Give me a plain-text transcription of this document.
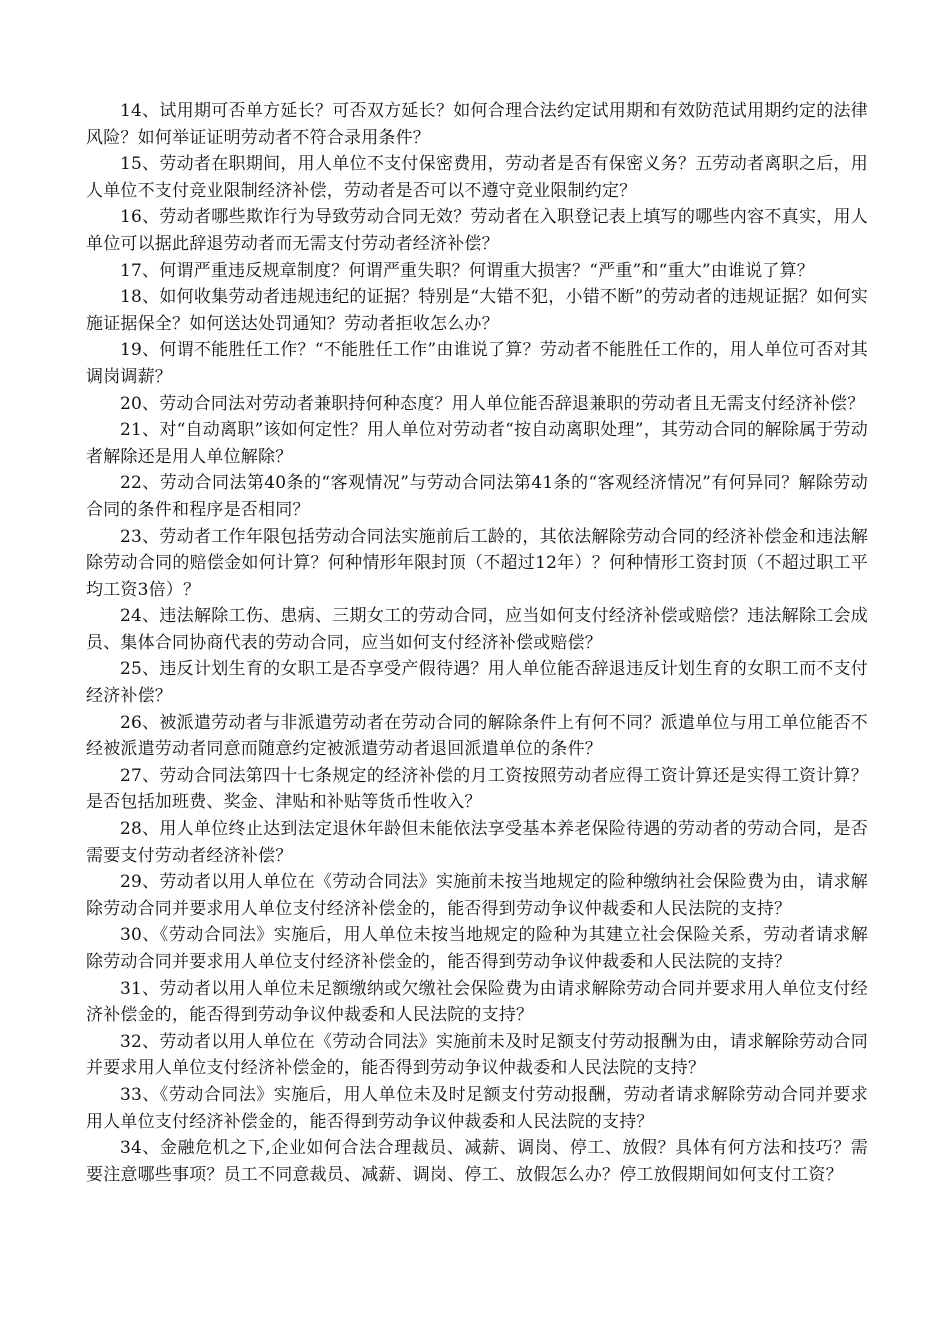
14、试用期可否单方延长？可否双方延长？如何合理合法约定试用期和有效防范试用期约定的法律风险？如何举证证明劳动者不符合录用条件？

15、劳动者在职期间，用人单位不支付保密费用，劳动者是否有保密义务？五劳动者离职之后，用人单位不支付竞业限制经济补偿，劳动者是否可以不遵守竞业限制约定？

16、劳动者哪些欺诈行为导致劳动合同无效？劳动者在入职登记表上填写的哪些内容不真实，用人单位可以据此辞退劳动者而无需支付劳动者经济补偿？

17、何谓严重违反规章制度？何谓严重失职？何谓重大损害？“严重”和“重大”由谁说了算？

18、如何收集劳动者违规违纪的证据？特别是“大错不犯，小错不断”的劳动者的违规证据？如何实施证据保全？如何送达处罚通知？劳动者拒收怎么办？

19、何谓不能胜任工作？“不能胜任工作”由谁说了算？劳动者不能胜任工作的，用人单位可否对其调岗调薪？

20、劳动合同法对劳动者兼职持何种态度？用人单位能否辞退兼职的劳动者且无需支付经济补偿？

21、对“自动离职”该如何定性？用人单位对劳动者“按自动离职处理”，其劳动合同的解除属于劳动者解除还是用人单位解除？

22、劳动合同法第40条的“客观情况”与劳动合同法第41条的“客观经济情况”有何异同？解除劳动合同的条件和程序是否相同？

23、劳动者工作年限包括劳动合同法实施前后工龄的，其依法解除劳动合同的经济补偿金和违法解除劳动合同的赔偿金如何计算？何种情形年限封顶（不超过12年）？何种情形工资封顶（不超过职工平均工资3倍）？

24、违法解除工伤、患病、三期女工的劳动合同，应当如何支付经济补偿或赔偿？违法解除工会成员、集体合同协商代表的劳动合同，应当如何支付经济补偿或赔偿？

25、违反计划生育的女职工是否享受产假待遇？用人单位能否辞退违反计划生育的女职工而不支付经济补偿？

26、被派遣劳动者与非派遣劳动者在劳动合同的解除条件上有何不同？派遣单位与用工单位能否不经被派遣劳动者同意而随意约定被派遣劳动者退回派遣单位的条件？

27、劳动合同法第四十七条规定的经济补偿的月工资按照劳动者应得工资计算还是实得工资计算？是否包括加班费、奖金、津贴和补贴等货币性收入？

28、用人单位终止达到法定退休年龄但未能依法享受基本养老保险待遇的劳动者的劳动合同，是否需要支付劳动者经济补偿？

29、劳动者以用人单位在《劳动合同法》实施前未按当地规定的险种缴纳社会保险费为由，请求解除劳动合同并要求用人单位支付经济补偿金的，能否得到劳动争议仲裁委和人民法院的支持？

30、《劳动合同法》实施后，用人单位未按当地规定的险种为其建立社会保险关系，劳动者请求解除劳动合同并要求用人单位支付经济补偿金的，能否得到劳动争议仲裁委和人民法院的支持？

31、劳动者以用人单位未足额缴纳或欠缴社会保险费为由请求解除劳动合同并要求用人单位支付经济补偿金的，能否得到劳动争议仲裁委和人民法院的支持？

32、劳动者以用人单位在《劳动合同法》实施前未及时足额支付劳动报酬为由，请求解除劳动合同并要求用人单位支付经济补偿金的，能否得到劳动争议仲裁委和人民法院的支持？

33、《劳动合同法》实施后，用人单位未及时足额支付劳动报酬，劳动者请求解除劳动合同并要求用人单位支付经济补偿金的，能否得到劳动争议仲裁委和人民法院的支持？

34、金融危机之下,企业如何合法合理裁员、减薪、调岗、停工、放假？具体有何方法和技巧？需要注意哪些事项？员工不同意裁员、减薪、调岗、停工、放假怎么办？停工放假期间如何支付工资？
